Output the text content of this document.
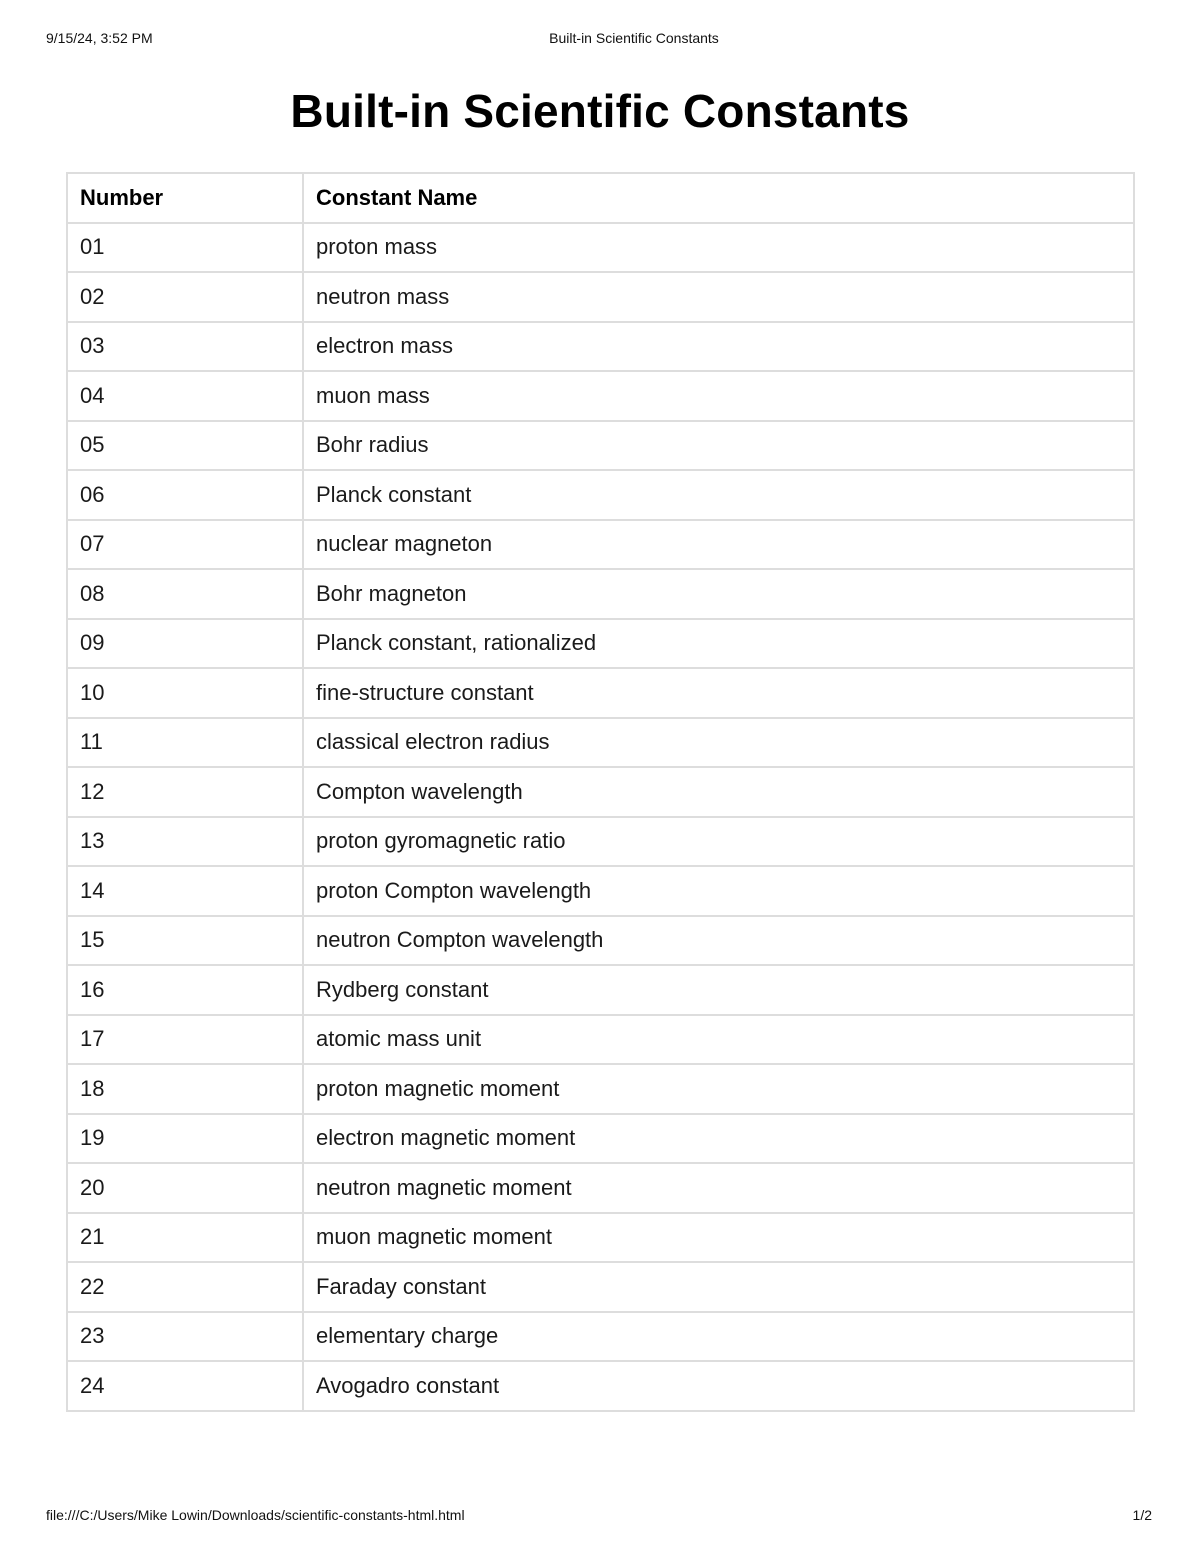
9/15/24, 3:52 PM	Built-in Scientific Constants
Built-in Scientific Constants
Number	Constant Name
01	proton mass
02	neutron mass
03	electron mass
04	muon mass
05	Bohr radius
06	Planck constant
07	nuclear magneton
08	Bohr magneton
09	Planck constant, rationalized
10	fine-structure constant
11	classical electron radius
12	Compton wavelength
13	proton gyromagnetic ratio
14	proton Compton wavelength
15	neutron Compton wavelength
16	Rydberg constant
17	atomic mass unit
18	proton magnetic moment
19	electron magnetic moment
20	neutron magnetic moment
21	muon magnetic moment
22	Faraday constant
23	elementary charge
24	Avogadro constant
file:///C:/Users/Mike Lowin/Downloads/scientific-constants-html.html	1/2
